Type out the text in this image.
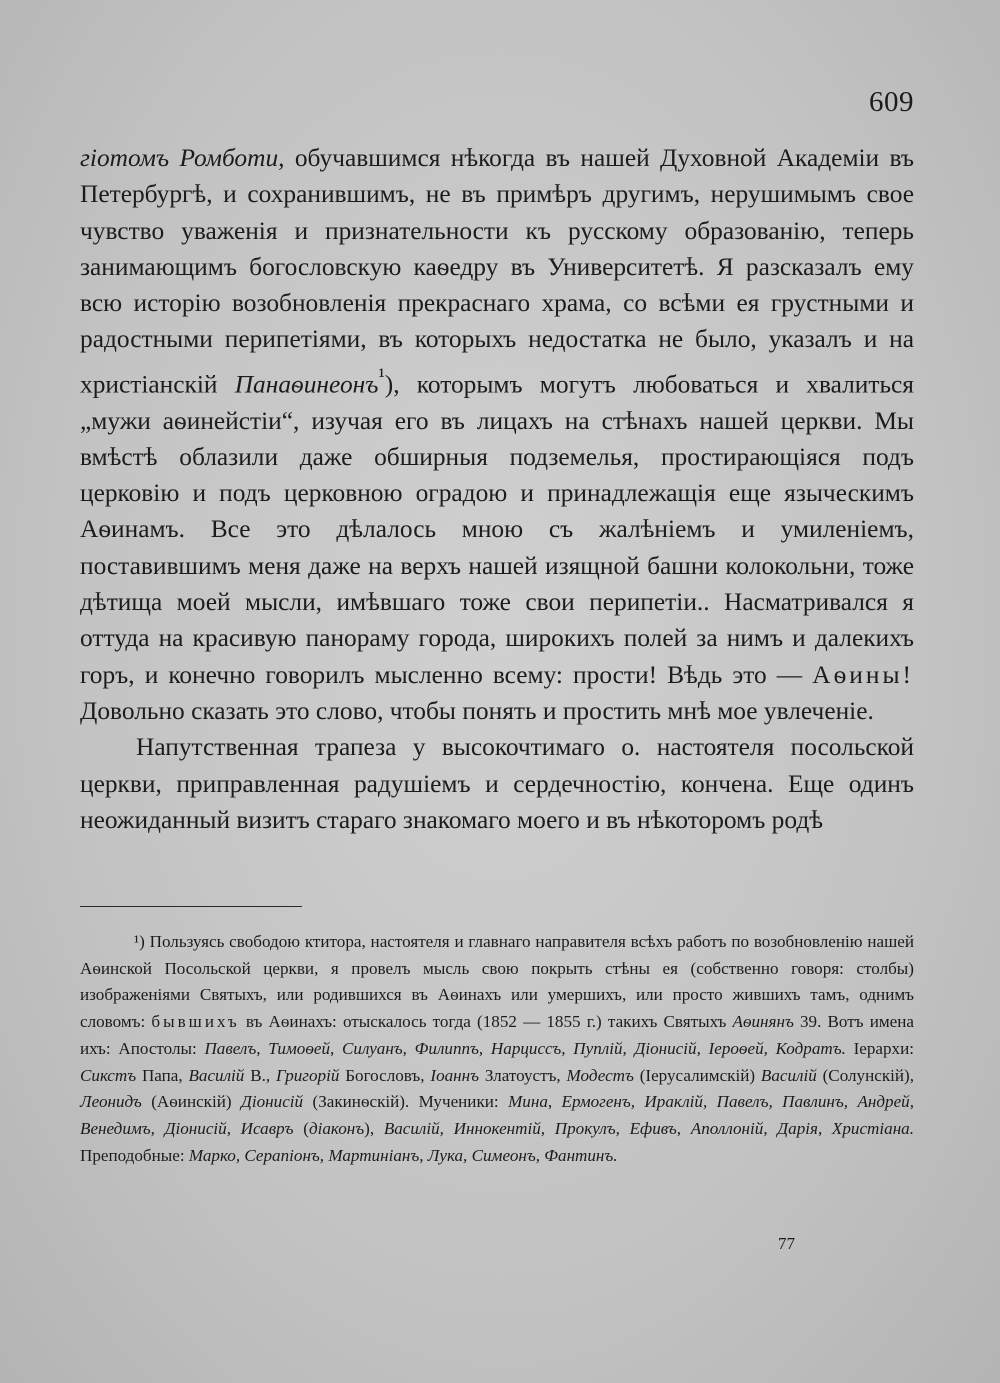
609

гiотомъ Ромбоmи, обучавшимся нѣкогда въ нашей Духовной Академіи въ Петербургѣ, и сохранившимъ, не въ примѣръ другимъ, нерушимымъ свое чувство уваженія и признательности къ русскому образованію, теперь занимающимъ богословскую каѳедру въ Университетѣ. Я разсказалъ ему всю исторію возобновленія прекраснаго храма, со всѣми ея грустными и радостными перипетіями, въ которыхъ недостатка не было, указалъ и на христіанскій Панаѳинеонъ$^{^1}$), которымъ могутъ любоваться и хвалиться „мужи аѳинейстіи“, изучая его въ лицахъ на стѣнахъ нашей церкви. Мы вмѣстѣ облазили даже обширныя подземелья, простирающіяся подъ церковію и подъ церковною оградою и принадлежащія еще языческимъ Аѳинамъ. Все это дѣлалось мною съ жалѣніемъ и умиленіемъ, поставившимъ меня даже на верхъ нашей изящной башни колокольни, тоже дѣтища моей мысли, имѣвшаго тоже свои перипетіи.. Насматривался я оттуда на красивую панораму города, широкихъ полей за нимъ и далекихъ горъ, и конечно говорилъ мысленно всему: прости! Вѣдь это — Аѳины! Довольно сказать это слово, чтобы понять и простить мнѣ мое увлеченіе.

Напутственная трапеза у высокочтимаго о. настоятеля посольской церкви, приправленная радушіемъ и сердечностію, кончена. Еще одинъ неожиданный визитъ стараго знакомаго моего и въ нѣкоторомъ родѣ

¹) Пользуясь свободою ктитора, настоятеля и главнаго направителя всѣхъ работъ по возобновленію нашей Аѳинской Посольской церкви, я провелъ мысль свою покрыть стѣны ея (собственно говоря: столбы) изображеніями Святыхъ, или родившихся въ Аѳинахъ или умершихъ, или просто жившихъ тамъ, однимъ словомъ: бывшихъ въ Аѳинахъ: отыскалось тогда (1852 — 1855 г.) такихъ Святыхъ Аѳинянъ 39. Вотъ имена ихъ: Апостолы: Павелъ, Тимоѳей, Силуанъ, Филиппъ, Нарциссъ, Пуплій, Діонисій, Іероѳей, Кодратъ. Іерархи: Сикстъ Папа, Василій В., Григорій Богословъ, Іоаннъ Златоустъ, Модестъ (Іерусалимскій) Василій (Солунскій), Леонидъ (Аѳинскій) Діонисій (Закинѳскій). Мученики: Мина, Ермогенъ, Ираклій, Павелъ, Павлинъ, Андрей, Венедимъ, Діонисій, Исавръ (діаконъ), Василій, Иннокентій, Прокулъ, Ефивъ, Аполлоній, Дарія, Христіана. Преподобные: Марко, Серапіонъ, Мартиніанъ, Лука, Симеонъ, Фантинъ.
77
